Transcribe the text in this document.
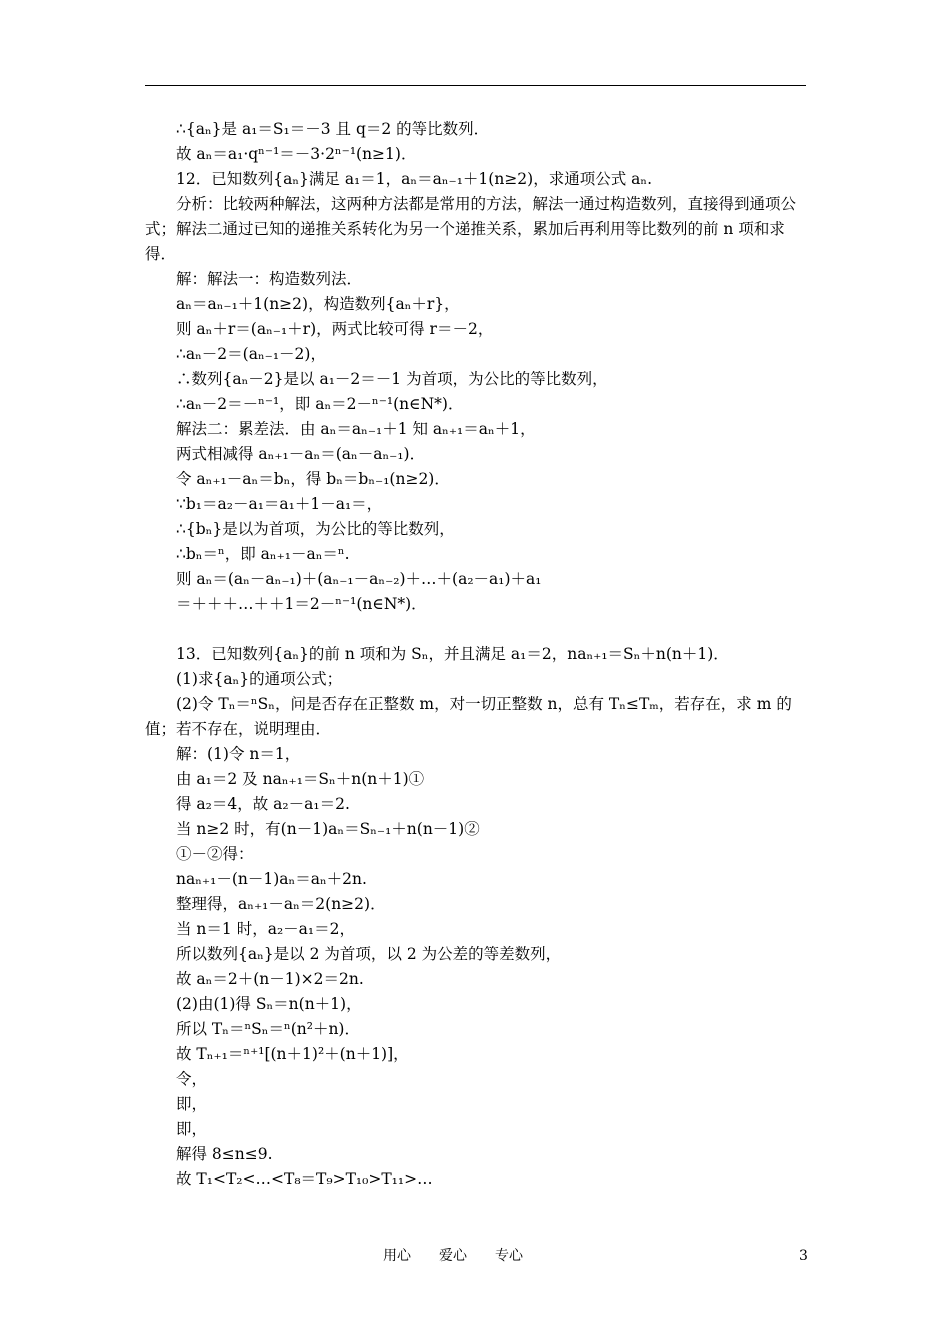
∴{aₙ}是 a₁＝S₁＝－3 且 q＝2 的等比数列．
故 aₙ＝a₁·qⁿ⁻¹＝－3·2ⁿ⁻¹(n≥1)．
12．已知数列{aₙ}满足 a₁＝1，aₙ＝aₙ₋₁＋1(n≥2)，求通项公式 aₙ.
分析：比较两种解法，这两种方法都是常用的方法，解法一通过构造数列，直接得到通项公式；解法二通过已知的递推关系转化为另一个递推关系，累加后再利用等比数列的前 n 项和求得．
解：解法一：构造数列法．
aₙ＝aₙ₋₁＋1(n≥2)，构造数列{aₙ＋r}，
则 aₙ＋r＝(aₙ₋₁＋r)，两式比较可得 r＝－2，
∴aₙ－2＝(aₙ₋₁－2)，
∴数列{aₙ－2}是以 a₁－2＝－1 为首项，为公比的等比数列，
∴aₙ－2＝－ⁿ⁻¹，即 aₙ＝2－ⁿ⁻¹(n∈N*)．
解法二：累差法．由 aₙ＝aₙ₋₁＋1 知 aₙ₊₁＝aₙ＋1，
两式相减得 aₙ₊₁－aₙ＝(aₙ－aₙ₋₁)．
令 aₙ₊₁－aₙ＝bₙ，得 bₙ＝bₙ₋₁(n≥2)．
∵b₁＝a₂－a₁＝a₁＋1－a₁＝，
∴{bₙ}是以为首项，为公比的等比数列，
∴bₙ＝ⁿ，即 aₙ₊₁－aₙ＝ⁿ.
则 aₙ＝(aₙ－aₙ₋₁)＋(aₙ₋₁－aₙ₋₂)＋…＋(a₂－a₁)＋a₁
＝＋＋＋…＋＋1＝2－ⁿ⁻¹(n∈N*)．
13．已知数列{aₙ}的前 n 项和为 Sₙ，并且满足 a₁＝2，naₙ₊₁＝Sₙ＋n(n＋1)．
(1)求{aₙ}的通项公式；
(2)令 Tₙ＝ⁿSₙ，问是否存在正整数 m，对一切正整数 n，总有 Tₙ≤Tₘ，若存在，求 m 的值；若不存在，说明理由．
解：(1)令 n＝1，
由 a₁＝2 及 naₙ₊₁＝Sₙ＋n(n＋1)①
得 a₂＝4，故 a₂－a₁＝2.
当 n≥2 时，有(n－1)aₙ＝Sₙ₋₁＋n(n－1)②
①－②得：
naₙ₊₁－(n－1)aₙ＝aₙ＋2n.
整理得，aₙ₊₁－aₙ＝2(n≥2)．
当 n＝1 时，a₂－a₁＝2，
所以数列{aₙ}是以 2 为首项，以 2 为公差的等差数列，
故 aₙ＝2＋(n－1)×2＝2n.
(2)由(1)得 Sₙ＝n(n＋1)，
所以 Tₙ＝ⁿSₙ＝ⁿ(n²＋n)．
故 Tₙ₊₁＝ⁿ⁺¹[(n＋1)²＋(n＋1)]，
令，
即，
即，
解得 8≤n≤9.
故 T₁<T₂<…<T₈＝T₉>T₁₀>T₁₁>…
用心　　爱心　　专心	3
